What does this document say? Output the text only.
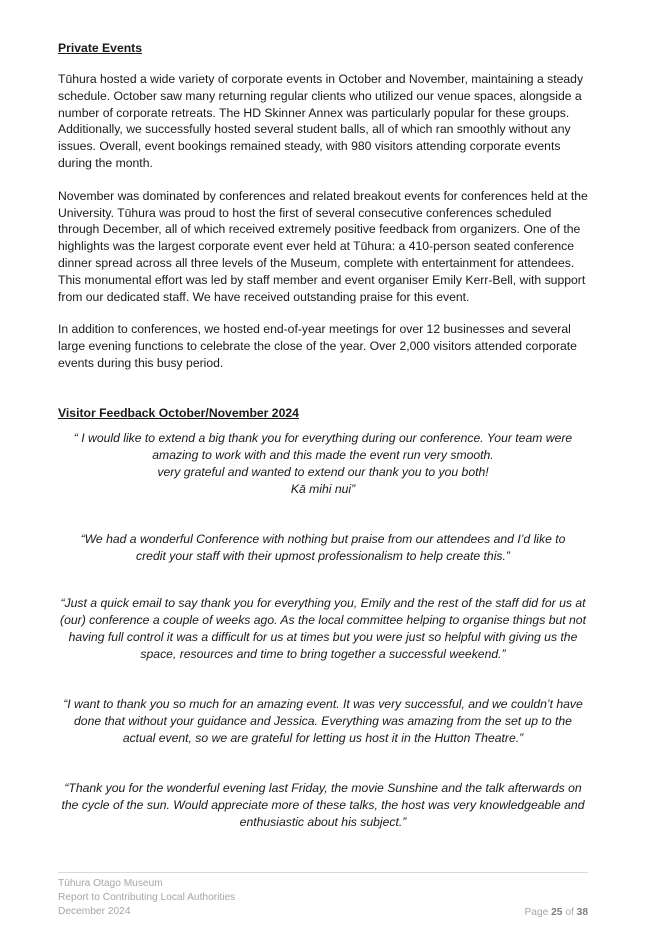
Private Events

Tūhura hosted a wide variety of corporate events in October and November, maintaining a steady schedule. October saw many returning regular clients who utilized our venue spaces, alongside a number of corporate retreats. The HD Skinner Annex was particularly popular for these groups. Additionally, we successfully hosted several student balls, all of which ran smoothly without any issues. Overall, event bookings remained steady, with 980 visitors attending corporate events during the month.

November was dominated by conferences and related breakout events for conferences held at the University. Tūhura was proud to host the first of several consecutive conferences scheduled through December, all of which received extremely positive feedback from organizers. One of the highlights was the largest corporate event ever held at Tūhura: a 410-person seated conference dinner spread across all three levels of the Museum, complete with entertainment for attendees. This monumental effort was led by staff member and event organiser Emily Kerr-Bell, with support from our dedicated staff. We have received outstanding praise for this event.

In addition to conferences, we hosted end-of-year meetings for over 12 businesses and several large evening functions to celebrate the close of the year. Over 2,000 visitors attended corporate events during this busy period.

Visitor Feedback October/November 2024

“ I would like to extend a big thank you for everything during our conference. Your team were

amazing to work with and this made the event run very smooth.

very grateful and wanted to extend our thank you to you both!

Kā mihi nui”

“We had a wonderful Conference with nothing but praise from our attendees and I’d like to credit your staff with their upmost professionalism to help create this.”

“Just a quick email to say thank you for everything you, Emily and the rest of the staff did for us at (our) conference a couple of weeks ago. As the local committee helping to organise things but not having full control it was a difficult for us at times but you were just so helpful with giving us the space, resources and time to bring together a successful weekend.”

“I want to thank you so much for an amazing event. It was very successful, and we couldn’t have done that without your guidance and Jessica. Everything was amazing from the set up to the actual event, so we are grateful for letting us host it in the Hutton Theatre.”

“Thank you for the wonderful evening last Friday, the movie Sunshine and the talk afterwards on the cycle of the sun. Would appreciate more of these talks, the host was very knowledgeable and enthusiastic about his subject.”

Tūhura Otago Museum
Report to Contributing Local Authorities
December 2024	Page 25 of 38
